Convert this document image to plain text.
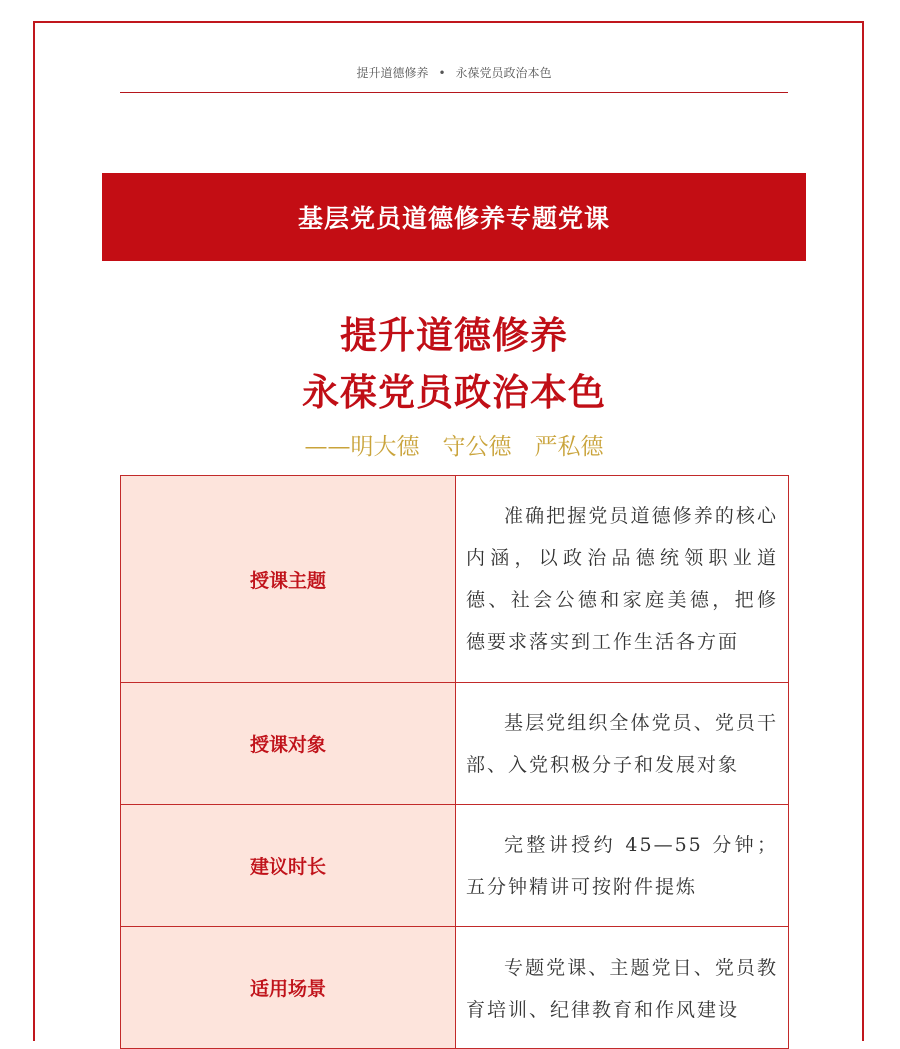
提升道德修养 • 永葆党员政治本色
基层党员道德修养专题党课
提升道德修养
永葆党员政治本色
——明大德　守公德　严私德
授课主题	准确把握党员道德修养的核心内涵，以政治品德统领职业道德、社会公德和家庭美德，把修德要求落实到工作生活各方面
授课对象	基层党组织全体党员、党员干部、入党积极分子和发展对象
建议时长	完整讲授约 45—55 分钟；五分钟精讲可按附件提炼
适用场景	专题党课、主题党日、党员教育培训、纪律教育和作风建设
